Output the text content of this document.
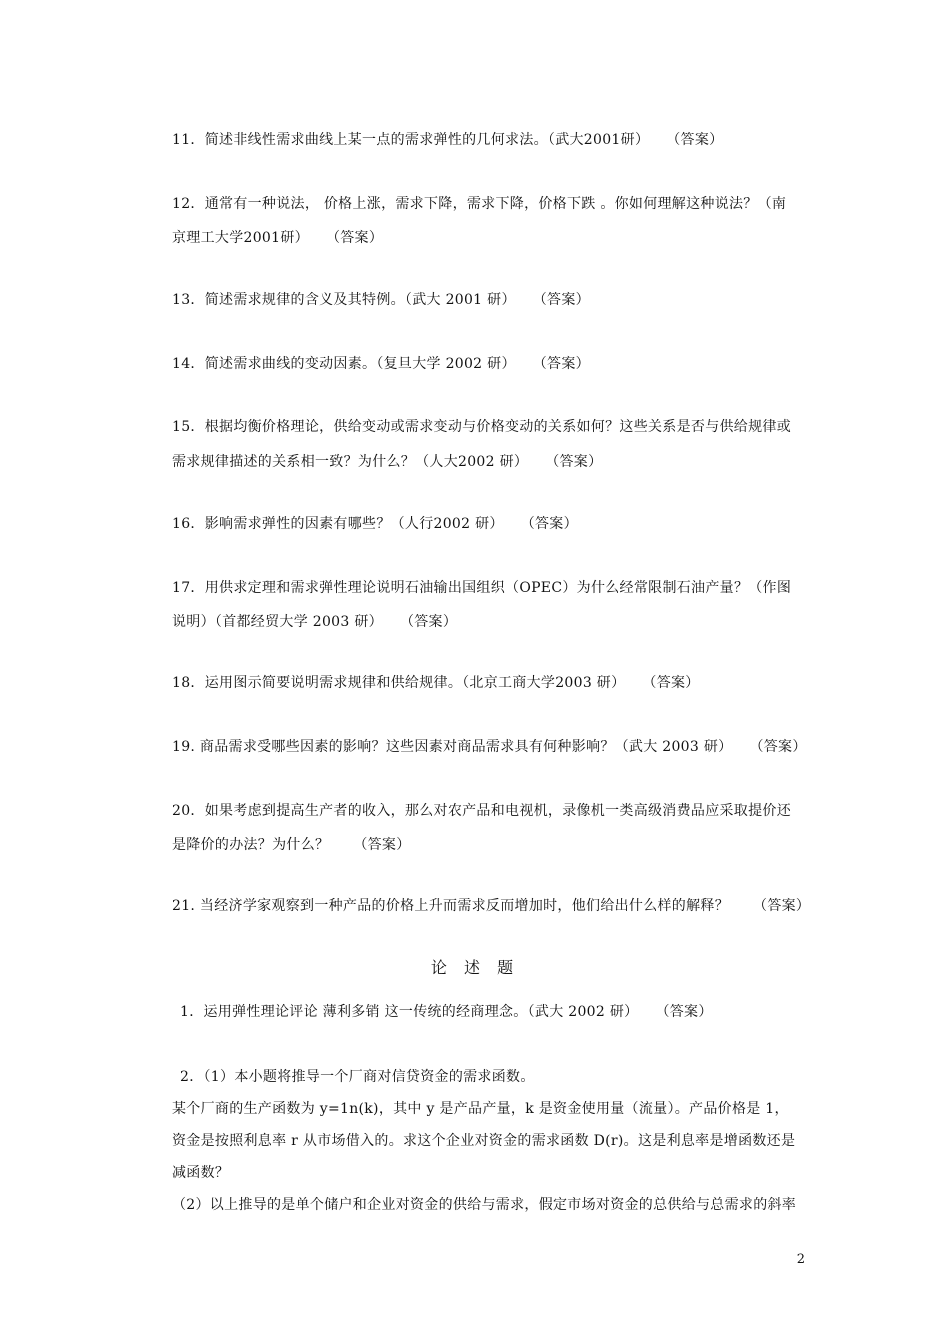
11．简述非线性需求曲线上某一点的需求弹性的几何求法。（武大2001研） （答案）
12．通常有一种说法， 价格上涨，需求下降，需求下降，价格下跌 。你如何理解这种说法？（南
京理工大学2001研） （答案）
13．简述需求规律的含义及其特例。（武大 2001 研） （答案）
14．简述需求曲线的变动因素。（复旦大学 2002 研） （答案）
15．根据均衡价格理论，供给变动或需求变动与价格变动的关系如何？这些关系是否与供给规律或
需求规律描述的关系相一致？为什么？（人大2002 研） （答案）
16．影响需求弹性的因素有哪些？（人行2002 研） （答案）
17．用供求定理和需求弹性理论说明石油输出国组织（OPEC）为什么经常限制石油产量？（作图
说明）（首都经贸大学 2003 研） （答案）
18．运用图示简要说明需求规律和供给规律。（北京工商大学2003 研） （答案）
19. 商品需求受哪些因素的影响？这些因素对商品需求具有何种影响？（武大 2003 研） （答案）
20．如果考虑到提高生产者的收入，那么对农产品和电视机，录像机一类高级消费品应采取提价还
是降价的办法？为什么？ （答案）
21. 当经济学家观察到一种产品的价格上升而需求反而增加时，他们给出什么样的解释？ （答案）
论 述 题
1．运用弹性理论评论 薄利多销 这一传统的经商理念。（武大 2002 研） （答案）
2．（1）本小题将推导一个厂商对信贷资金的需求函数。
某个厂商的生产函数为 y=1n(k)，其中 y 是产品产量，k 是资金使用量（流量）。产品价格是 1，
资金是按照利息率 r 从市场借入的。求这个企业对资金的需求函数 D(r)。这是利息率是增函数还是
减函数？
（2）以上推导的是单个储户和企业对资金的供给与需求，假定市场对资金的总供给与总需求的斜率
2
